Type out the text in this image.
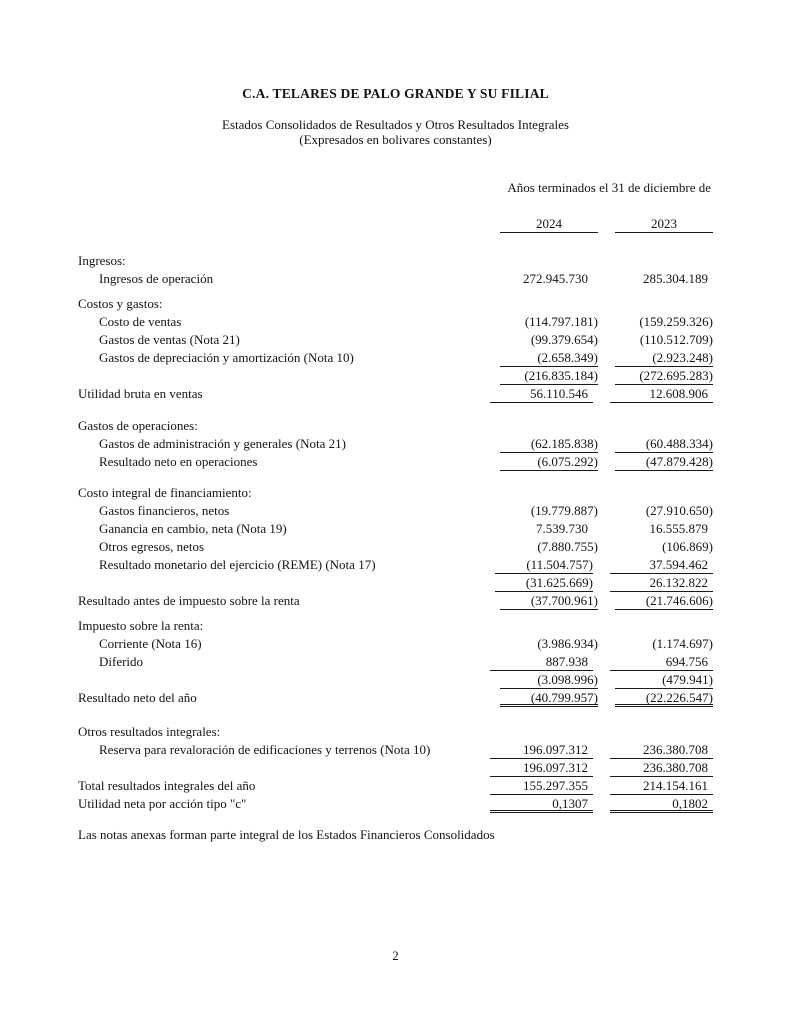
C.A. TELARES DE PALO GRANDE Y SU FILIAL
Estados Consolidados de Resultados y Otros Resultados Integrales
(Expresados en bolivares constantes)
Años terminados el 31 de diciembre de
2024	2023
Ingresos:
Ingresos de operación	272.945.730	285.304.189
Costos y gastos:
Costo de ventas	(114.797.181)	(159.259.326)
Gastos de ventas (Nota 21)	(99.379.654)	(110.512.709)
Gastos de depreciación y amortización (Nota 10)	(2.658.349)	(2.923.248)
(216.835.184)	(272.695.283)
Utilidad bruta en ventas	56.110.546	12.608.906
Gastos de operaciones:
Gastos de administración y generales (Nota 21)	(62.185.838)	(60.488.334)
Resultado neto en operaciones	(6.075.292)	(47.879.428)
Costo integral de financiamiento:
Gastos financieros, netos	(19.779.887)	(27.910.650)
Ganancia en cambio, neta (Nota 19)	7.539.730	16.555.879
Otros egresos, netos	(7.880.755)	(106.869)
Resultado monetario del ejercicio (REME) (Nota 17)	(11.504.757)	37.594.462
(31.625.669)	26.132.822
Resultado antes de impuesto sobre la renta	(37.700.961)	(21.746.606)
Impuesto sobre la renta:
Corriente (Nota 16)	(3.986.934)	(1.174.697)
Diferido	887.938	694.756
(3.098.996)	(479.941)
Resultado neto del año	(40.799.957)	(22.226.547)
Otros resultados integrales:
Reserva para revaloración de edificaciones y terrenos (Nota 10)	196.097.312	236.380.708
196.097.312	236.380.708
Total resultados integrales del año	155.297.355	214.154.161
Utilidad neta por acción tipo "c"	0,1307	0,1802
Las notas anexas forman parte integral de los Estados Financieros Consolidados
2
